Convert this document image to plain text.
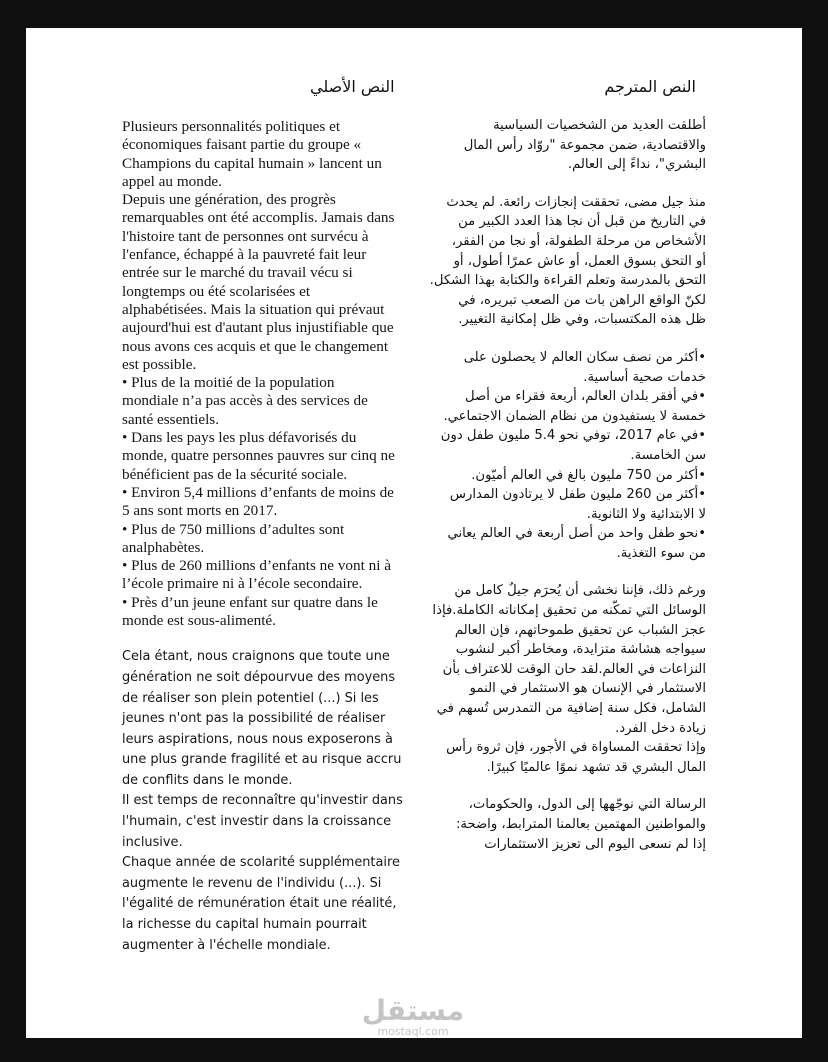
النص الأصلي	النص المترجم
Plusieurs personnalités politiques et
économiques faisant partie du groupe «
Champions du capital humain » lancent un
appel au monde.
Depuis une génération, des progrès
remarquables ont été accomplis. Jamais dans
l'histoire tant de personnes ont survécu à
l'enfance, échappé à la pauvreté fait leur
entrée sur le marché du travail vécu si
longtemps ou été scolarisées et
alphabétisées. Mais la situation qui prévaut
aujourd'hui est d'autant plus injustifiable que
nous avons ces acquis et que le changement
est possible.
• Plus de la moitié de la population
mondiale n’a pas accès à des services de
santé essentiels.
• Dans les pays les plus défavorisés du
monde, quatre personnes pauvres sur cinq ne
bénéficient pas de la sécurité sociale.
• Environ 5,4 millions d’enfants de moins de
5 ans sont morts en 2017.
• Plus de 750 millions d’adultes sont
analphabètes.
• Plus de 260 millions d’enfants ne vont ni à
l’école primaire ni à l’école secondaire.
• Près d’un jeune enfant sur quatre dans le
monde est sous-alimenté.
Cela étant, nous craignons que toute une
génération ne soit dépourvue des moyens
de réaliser son plein potentiel (...) Si les
jeunes n'ont pas la possibilité de réaliser
leurs aspirations, nous nous exposerons à
une plus grande fragilité et au risque accru
de conflits dans le monde.
Il est temps de reconnaître qu'investir dans
l'humain, c'est investir dans la croissance
inclusive.
Chaque année de scolarité supplémentaire
augmente le revenu de l'individu (...). Si
l'égalité de rémunération était une réalité,
la richesse du capital humain pourrait
augmenter à l'échelle mondiale.
أطلقت العديد من الشخصيات السياسية
والاقتصادية، ضمن مجموعة "روّاد رأس المال
البشري"، نداءً إلى العالم.
منذ جيل مضى، تحققت إنجازات رائعة. لم يحدث
في التاريخ من قبل أن نجا هذا العدد الكبير من
الأشخاص من مرحلة الطفولة، أو نجا من الفقر،
أو التحق بسوق العمل، أو عاش عمرًا أطول، أو
التحق بالمدرسة وتعلم القراءة والكتابة بهذا الشكل.
لكنّ الواقع الراهن بات من الصعب تبريره، في
ظل هذه المكتسبات، وفي ظل إمكانية التغيير.
•أكثر من نصف سكان العالم لا يحصلون على
خدمات صحية أساسية.
•في أفقر بلدان العالم، أربعة فقراء من أصل
خمسة لا يستفيدون من نظام الضمان الاجتماعي.
•في عام 2017، توفي نحو 5.4 مليون طفل دون
سن الخامسة.
•أكثر من 750 مليون بالغ في العالم أميّون.
•أكثر من 260 مليون طفل لا يرتادون المدارس
لا الابتدائية ولا الثانوية.
•نحو طفل واحد من أصل أربعة في العالم يعاني
من سوء التغذية.
ورغم ذلك، فإننا نخشى أن يُحرَم جيلٌ كامل من
الوسائل التي تمكّنه من تحقيق إمكاناته الكاملة.فإذا
عجز الشباب عن تحقيق طموحاتهم، فإن العالم
سيواجه هشاشة متزايدة، ومخاطر أكبر لنشوب
النزاعات في العالم.لقد حان الوقت للاعتراف بأن
الاستثمار في الإنسان هو الاستثمار في النمو
الشامل، فكل سنة إضافية من التمدرس تُسهم في
زيادة دخل الفرد.
وإذا تحققت المساواة في الأجور، فإن ثروة رأس
المال البشري قد تشهد نموًا عالميًا كبيرًا.
الرسالة التي نوجّهها إلى الدول، والحكومات،
والمواطنين المهتمين بعالمنا المترابط، واضحة:
إذا لم نسعى اليوم الى تعزيز الاستثمارات
مستقل
mostaql.com
